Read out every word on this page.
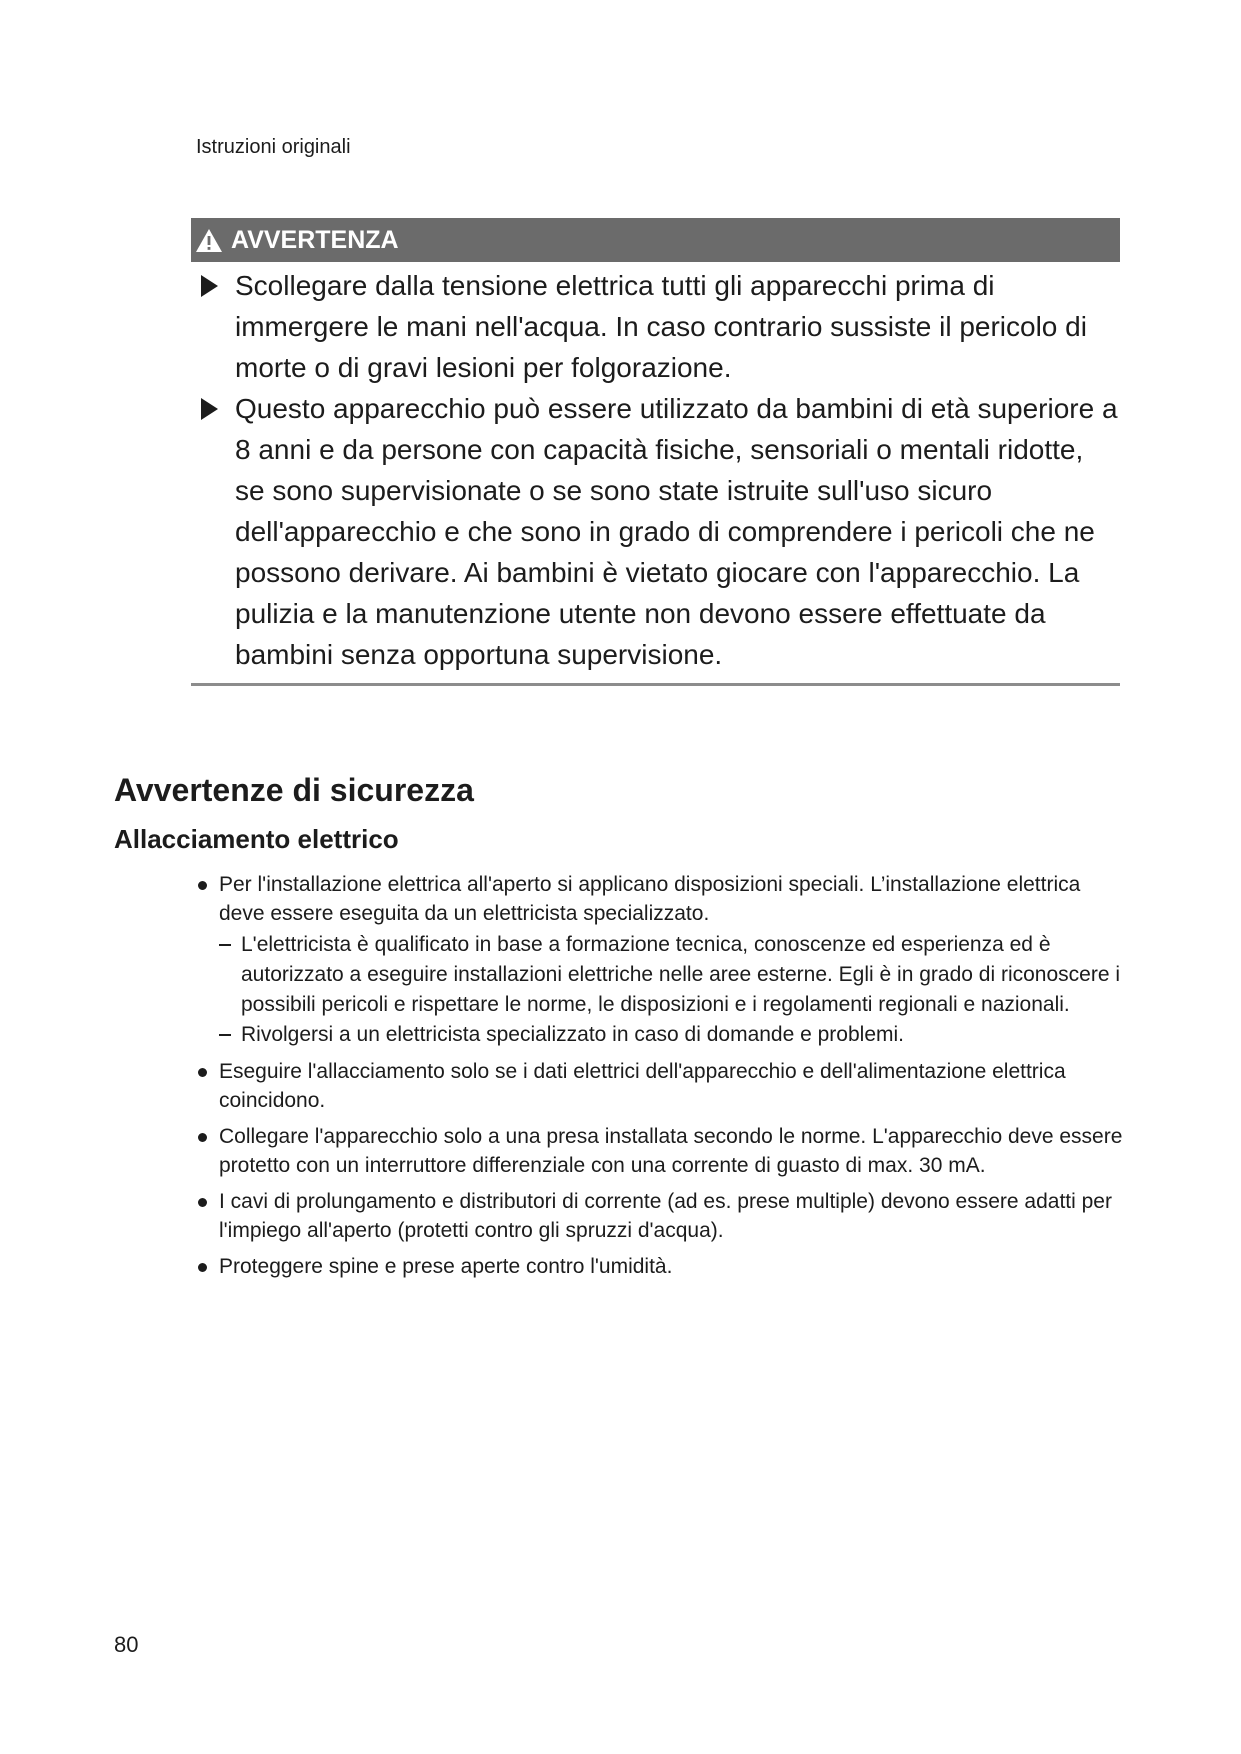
Istruzioni originali
AVVERTENZA
Scollegare dalla tensione elettrica tutti gli apparecchi prima di immergere le mani nell'acqua. In caso contrario sussiste il pericolo di morte o di gravi lesioni per folgorazione.
Questo apparecchio può essere utilizzato da bambini di età superiore a 8 anni e da persone con capacità fisiche, sensoriali o mentali ridotte, se sono supervisionate o se sono state istruite sull'uso sicuro dell'apparecchio e che sono in grado di comprendere i pericoli che ne possono derivare. Ai bambini è vietato giocare con l'apparecchio. La pulizia e la manutenzione utente non devono essere effettuate da bambini senza opportuna supervisione.
Avvertenze di sicurezza
Allacciamento elettrico
Per l'installazione elettrica all'aperto si applicano disposizioni speciali. L’installazione elettrica deve essere eseguita da un elettricista specializzato.
L'elettricista è qualificato in base a formazione tecnica, conoscenze ed esperienza ed è autorizzato a eseguire installazioni elettriche nelle aree esterne. Egli è in grado di riconoscere i possibili pericoli e rispettare le norme, le disposizioni e i regolamenti regionali e nazionali.
Rivolgersi a un elettricista specializzato in caso di domande e problemi.
Eseguire l'allacciamento solo se i dati elettrici dell'apparecchio e dell'alimentazione elettrica coincidono.
Collegare l'apparecchio solo a una presa installata secondo le norme. L'apparecchio deve essere protetto con un interruttore differenziale con una corrente di guasto di max. 30 mA.
I cavi di prolungamento e distributori di corrente (ad es. prese multiple) devono essere adatti per l'impiego all'aperto (protetti contro gli spruzzi d'acqua).
Proteggere spine e prese aperte contro l'umidità.
80
